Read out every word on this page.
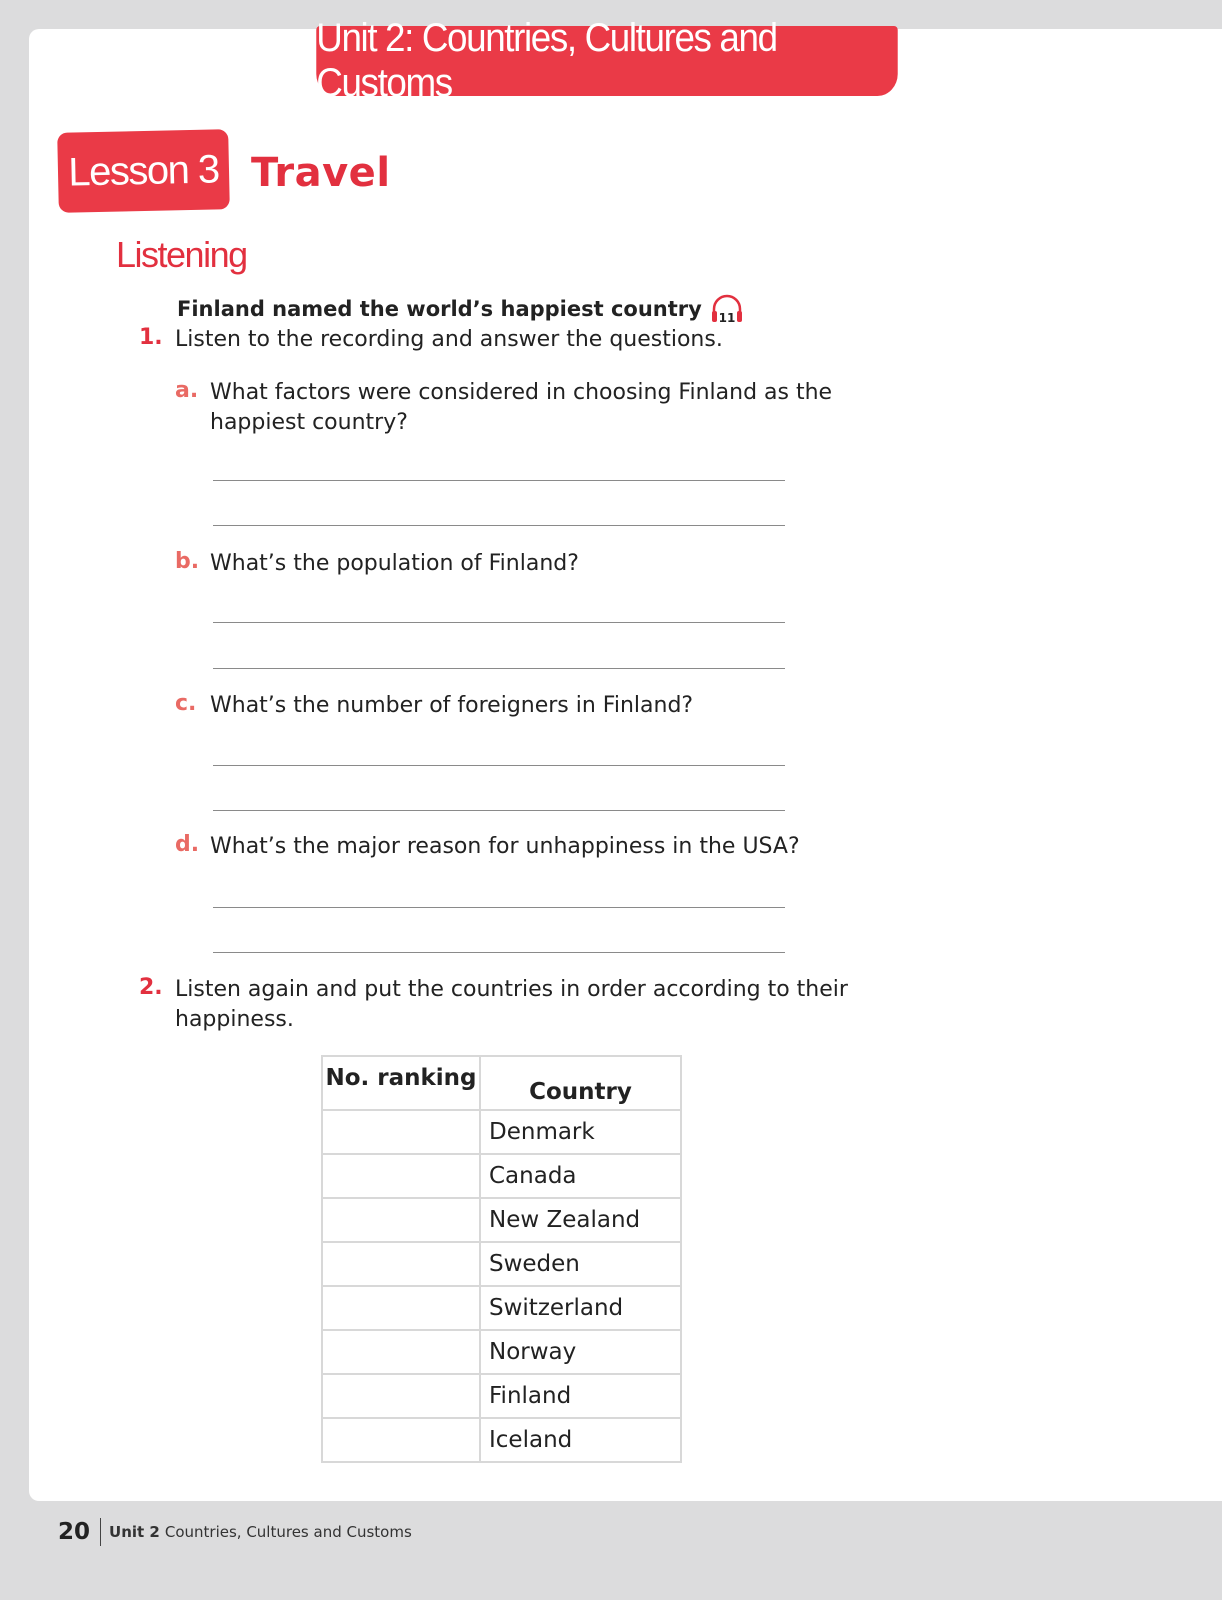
Unit 2: Countries, Cultures and Customs
Lesson 3 Travel
Listening
Finland named the world’s happiest country 11
1. Listen to the recording and answer the questions.
a. What factors were considered in choosing Finland as the
happiest country?
b. What’s the population of Finland?
c. What’s the number of foreigners in Finland?
d. What’s the major reason for unhappiness in the USA?
2. Listen again and put the countries in order according to their
happiness.
No. ranking	Country
	Denmark
	Canada
	New Zealand
	Sweden
	Switzerland
	Norway
	Finland
	Iceland
20 Unit 2 Countries, Cultures and Customs
